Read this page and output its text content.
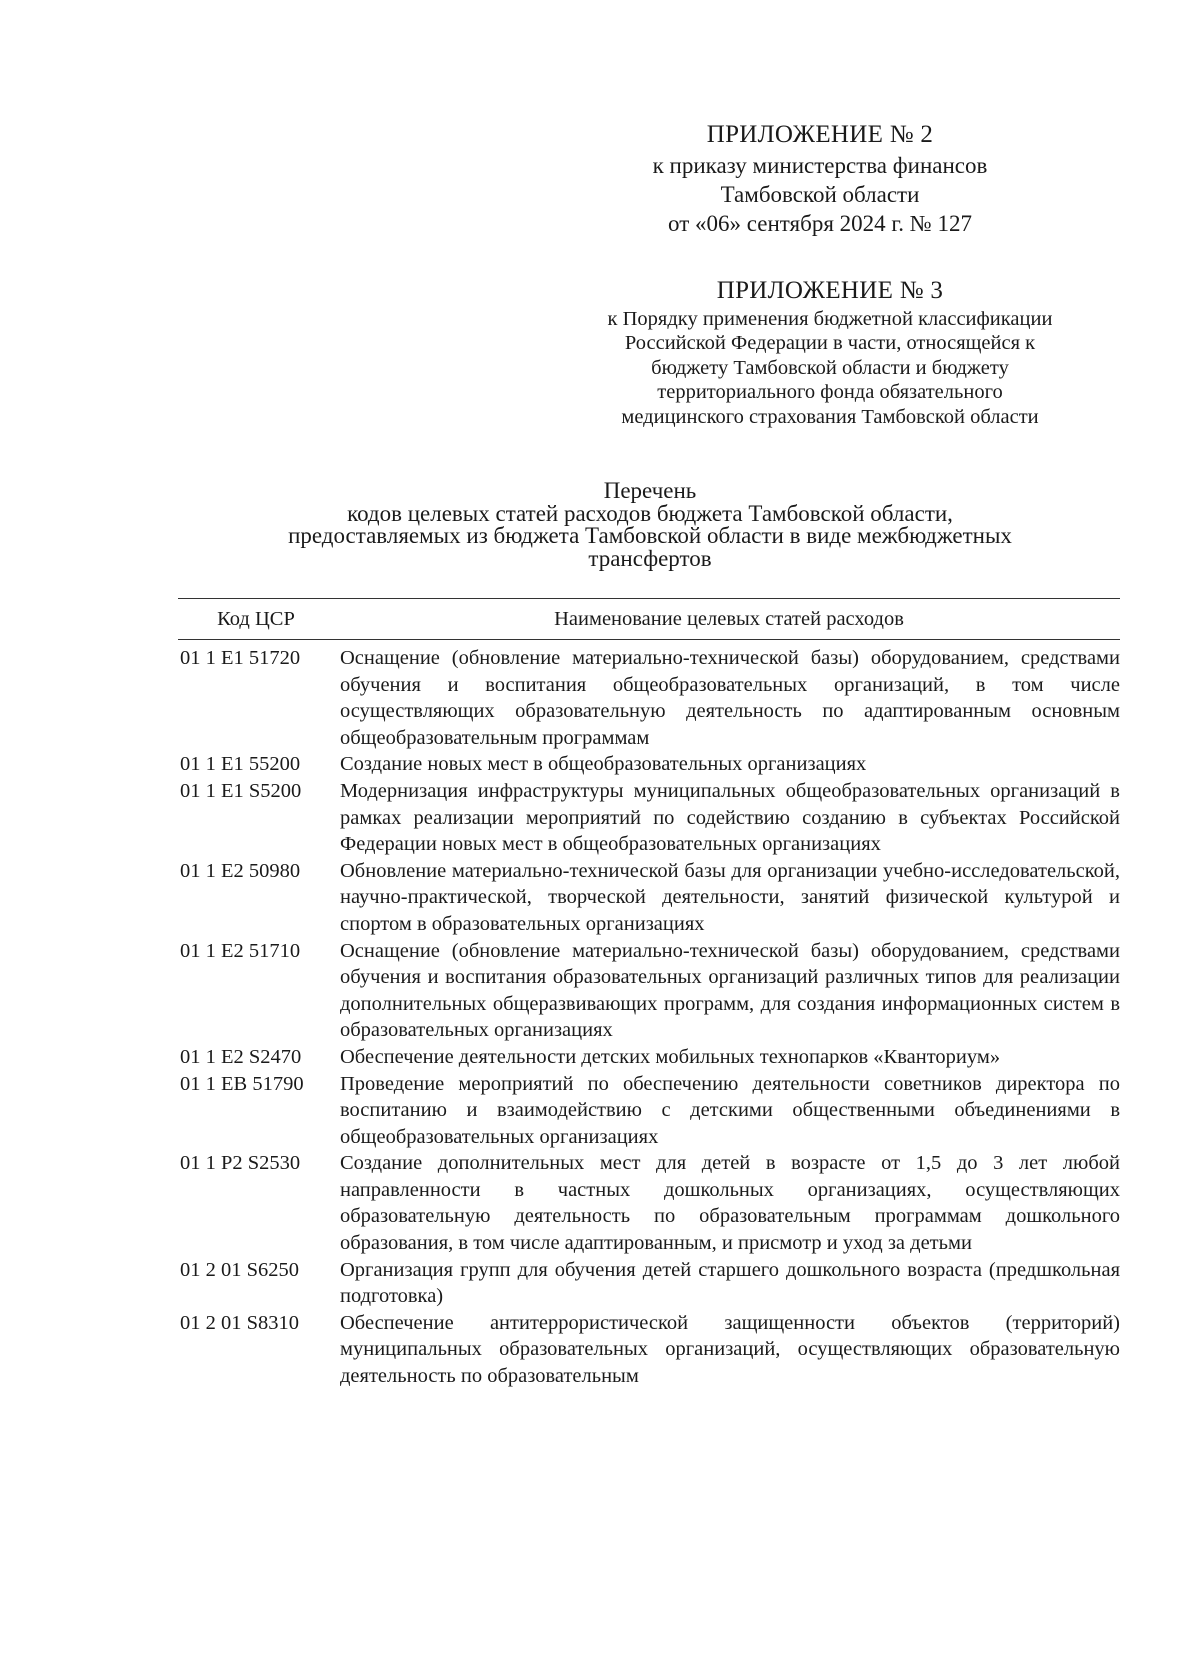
ПРИЛОЖЕНИЕ № 2
к приказу министерства финансов
Тамбовской области
от «06» сентября 2024 г. № 127
ПРИЛОЖЕНИЕ № 3
к Порядку применения бюджетной классификации
Российской Федерации в части, относящейся к
бюджету Тамбовской области и бюджету
территориального фонда обязательного
медицинского страхования Тамбовской области
Перечень
кодов целевых статей расходов бюджета Тамбовской области,
предоставляемых из бюджета Тамбовской области в виде межбюджетных
трансфертов
Код ЦСР	Наименование целевых статей расходов
01 1 E1 51720	Оснащение (обновление материально-технической базы) оборудованием, средствами обучения и воспитания общеобразовательных организаций, в том числе осуществляющих образовательную деятельность по адаптированным основным общеобразовательным программам
01 1 E1 55200	Создание новых мест в общеобразовательных организациях
01 1 E1 S5200	Модернизация инфраструктуры муниципальных общеобразовательных организаций в рамках реализации мероприятий по содействию созданию в субъектах Российской Федерации новых мест в общеобразовательных организациях
01 1 E2 50980	Обновление материально-технической базы для организации учебно-исследовательской, научно-практической, творческой деятельности, занятий физической культурой и спортом в образовательных организациях
01 1 E2 51710	Оснащение (обновление материально-технической базы) оборудованием, средствами обучения и воспитания образовательных организаций различных типов для реализации дополнительных общеразвивающих программ, для создания информационных систем в образовательных организациях
01 1 E2 S2470	Обеспечение деятельности детских мобильных технопарков «Кванториум»
01 1 EB 51790	Проведение мероприятий по обеспечению деятельности советников директора по воспитанию и взаимодействию с детскими общественными объединениями в общеобразовательных организациях
01 1 P2 S2530	Создание дополнительных мест для детей в возрасте от 1,5 до 3 лет любой направленности в частных дошкольных организациях, осуществляющих образовательную деятельность по образовательным программам дошкольного образования, в том числе адаптированным, и присмотр и уход за детьми
01 2 01 S6250	Организация групп для обучения детей старшего дошкольного возраста (предшкольная подготовка)
01 2 01 S8310	Обеспечение антитеррористической защищенности объектов (территорий) муниципальных образовательных организаций, осуществляющих образовательную деятельность по образовательным
